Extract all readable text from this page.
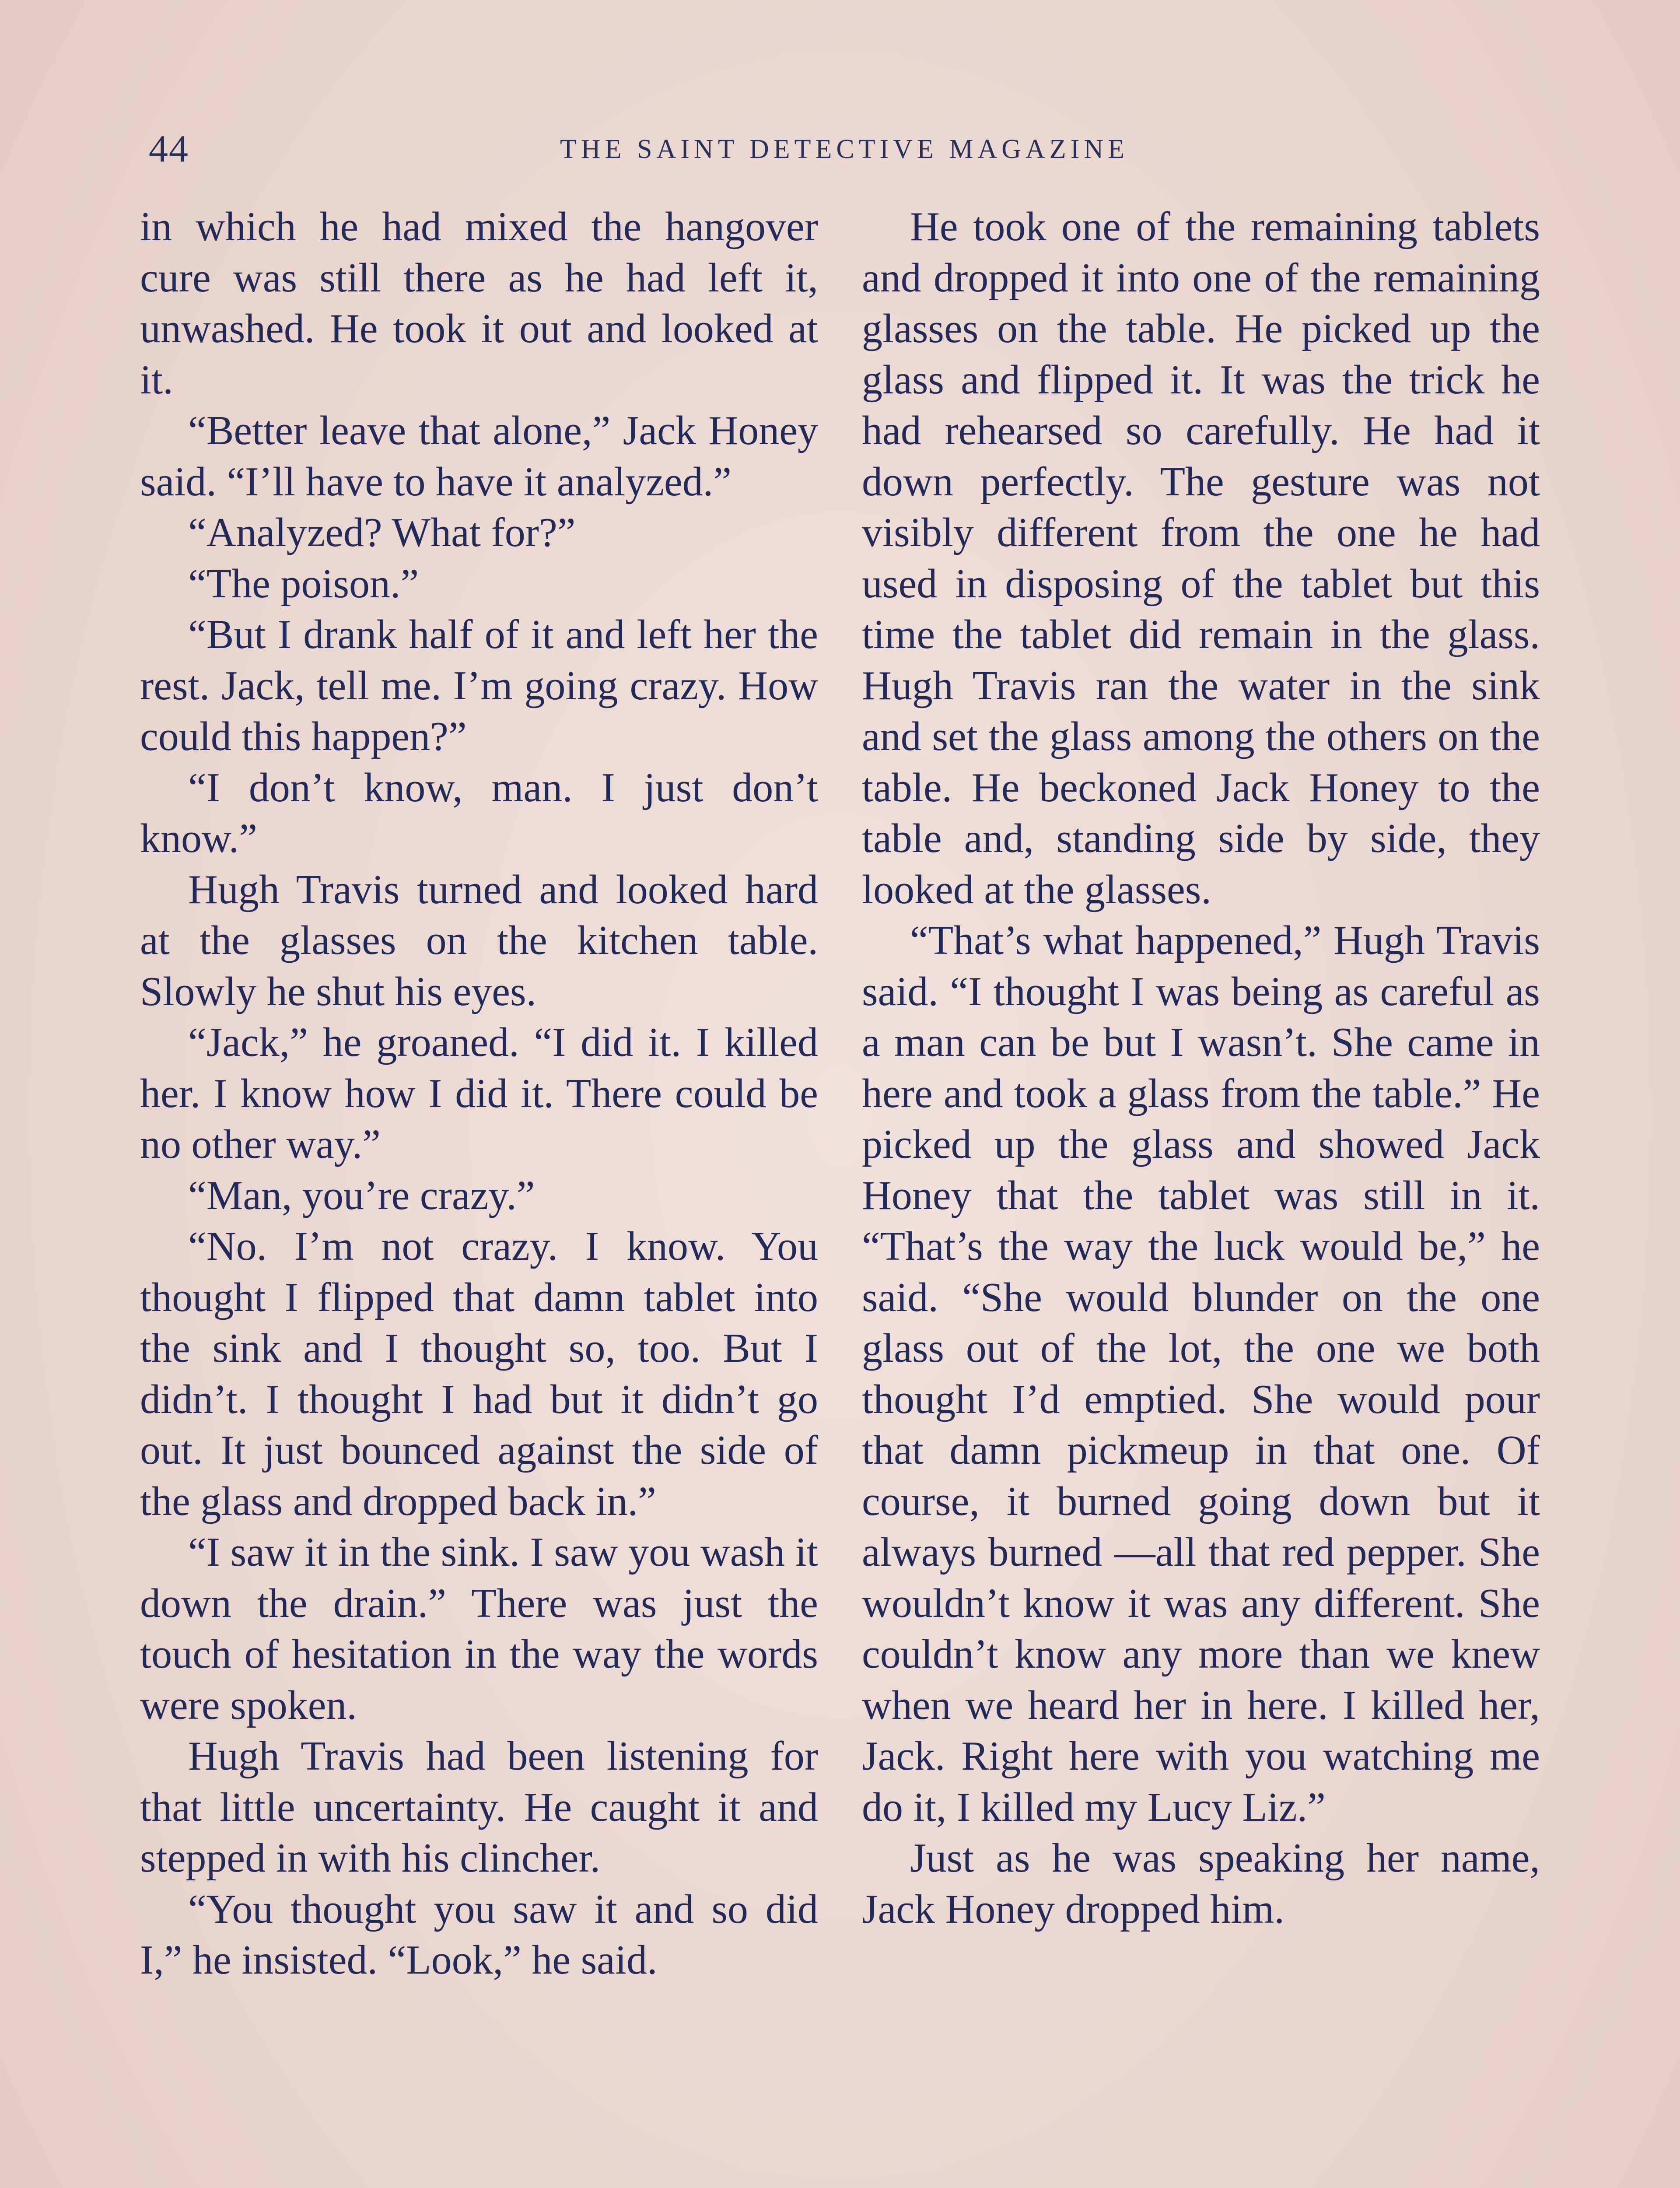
44	THE SAINT DETECTIVE MAGAZINE

in which he had mixed the hangover cure was still there as he had left it, unwashed. He took it out and looked at it.

“Better leave that alone,” Jack Honey said. “I’ll have to have it analyzed.”

“Analyzed? What for?”

“The poison.”

“But I drank half of it and left her the rest. Jack, tell me. I’m going crazy. How could this happen?”

“I don’t know, man. I just don’t know.”

Hugh Travis turned and looked hard at the glasses on the kitchen table. Slowly he shut his eyes.

“Jack,” he groaned. “I did it. I killed her. I know how I did it. There could be no other way.”

“Man, you’re crazy.”

“No. I’m not crazy. I know. You thought I flipped that damn tablet into the sink and I thought so, too. But I didn’t. I thought I had but it didn’t go out. It just bounced against the side of the glass and dropped back in.”

“I saw it in the sink. I saw you wash it down the drain.” There was just the touch of hesitation in the way the words were spoken.

Hugh Travis had been listening for that little uncertainty. He caught it and stepped in with his clincher.

“You thought you saw it and so did I,” he insisted. “Look,” he said.

He took one of the remaining tablets and dropped it into one of the remaining glasses on the table. He picked up the glass and flipped it. It was the trick he had rehearsed so carefully. He had it down perfectly. The gesture was not visibly different from the one he had used in disposing of the tablet but this time the tablet did remain in the glass. Hugh Travis ran the water in the sink and set the glass among the others on the table. He beckoned Jack Honey to the table and, standing side by side, they looked at the glasses.

“That’s what happened,” Hugh Travis said. “I thought I was being as careful as a man can be but I wasn’t. She came in here and took a glass from the table.” He picked up the glass and showed Jack Honey that the tablet was still in it. “That’s the way the luck would be,” he said. “She would blunder on the one glass out of the lot, the one we both thought I’d emptied. She would pour that damn pickmeup in that one. Of course, it burned going down but it always burned —all that red pepper. She wouldn’t know it was any different. She couldn’t know any more than we knew when we heard her in here. I killed her, Jack. Right here with you watching me do it, I killed my Lucy Liz.”

Just as he was speaking her name, Jack Honey dropped him.
